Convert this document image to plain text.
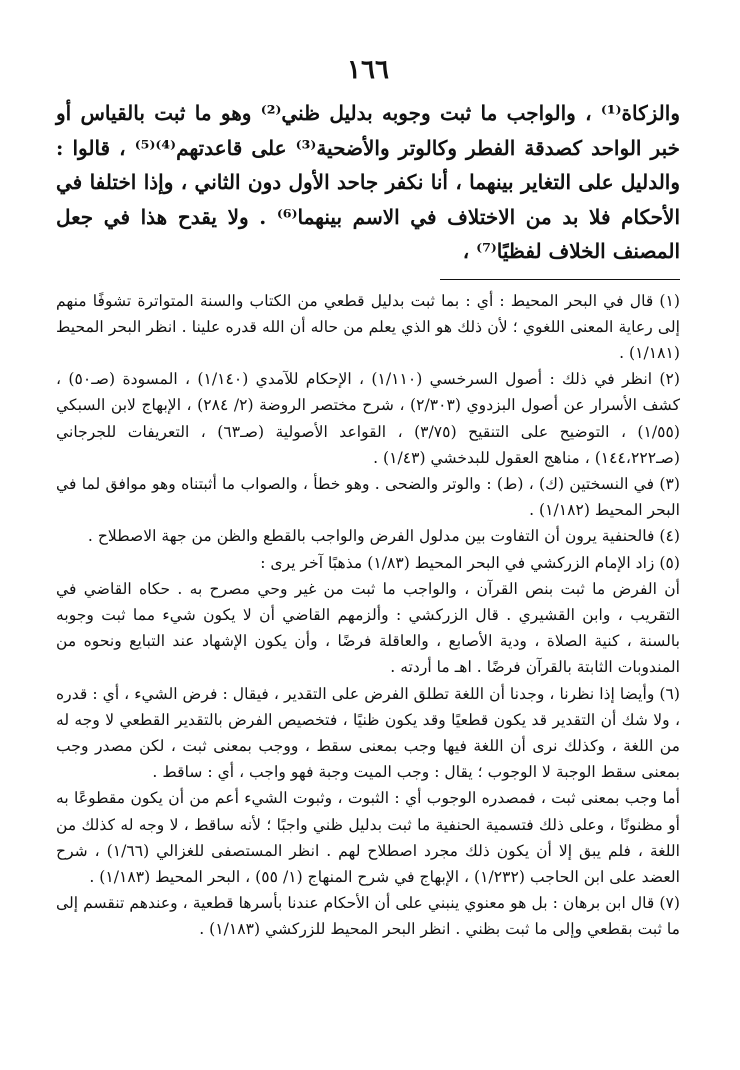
١٦٦

والزكاة⁽¹⁾ ، والواجب ما ثبت وجوبه بدليل ظني⁽²⁾ وهو ما ثبت بالقياس أو خبر الواحد كصدقة الفطر وكالوتر والأضحية⁽³⁾ على قاعدتهم⁽⁴⁾⁽⁵⁾ ، قالوا : والدليل على التغاير بينهما ، أنا نكفر جاحد الأول دون الثاني ، وإذا اختلفا في الأحكام فلا بد من الاختلاف في الاسم بينهما⁽⁶⁾ . ولا يقدح هذا في جعل المصنف الخلاف لفظيًا⁽⁷⁾ ،

(١) قال في البحر المحيط : أي : بما ثبت بدليل قطعي من الكتاب والسنة المتواترة تشوفًا منهم إلى رعاية المعنى اللغوي ؛ لأن ذلك هو الذي يعلم من حاله أن الله قدره علينا . انظر البحر المحيط (١/١٨١) .

(٢) انظر في ذلك : أصول السرخسي (١/١١٠) ، الإحكام للآمدي (١/١٤٠) ، المسودة (صـ٥٠) ، كشف الأسرار عن أصول البزدوي (٢/٣٠٣) ، شرح مختصر الروضة (٢/ ٢٨٤) ، الإبهاج لابن السبكي (١/٥٥) ، التوضيح على التنقيح (٣/٧٥) ، القواعد الأصولية (صـ٦٣) ، التعريفات للجرجاني (صـ١٤٤،٢٢٢) ، مناهج العقول للبدخشي (١/٤٣) .

(٣) في النسختين (ك) ، (ط) : والوتر والضحى . وهو خطأ ، والصواب ما أثبتناه وهو موافق لما في البحر المحيط (١/١٨٢) .

(٤) فالحنفية يرون أن التفاوت بين مدلول الفرض والواجب بالقطع والظن من جهة الاصطلاح .

(٥) زاد الإمام الزركشي في البحر المحيط (١/٨٣) مذهبًا آخر يرى :

أن الفرض ما ثبت بنص القرآن ، والواجب ما ثبت من غير وحي مصرح به . حكاه القاضي في التقريب ، وابن القشيري . قال الزركشي : وألزمهم القاضي أن لا يكون شيء مما ثبت وجوبه بالسنة ، كنية الصلاة ، ودية الأصابع ، والعاقلة فرضًا ، وأن يكون الإشهاد عند التبايع ونحوه من المندوبات الثابتة بالقرآن فرضًا . اهـ ما أردته .

(٦) وأيضا إذا نظرنا ، وجدنا أن اللغة تطلق الفرض على التقدير ، فيقال : فرض الشيء ، أي : قدره ، ولا شك أن التقدير قد يكون قطعيًا وقد يكون ظنيًا ، فتخصيص الفرض بالتقدير القطعي لا وجه له من اللغة ، وكذلك نرى أن اللغة فيها وجب بمعنى سقط ، ووجب بمعنى ثبت ، لكن مصدر وجب بمعنى سقط الوجبة لا الوجوب ؛ يقال : وجب الميت وجبة فهو واجب ، أي : ساقط .

أما وجب بمعنى ثبت ، فمصدره الوجوب أي : الثبوت ، وثبوت الشيء أعم من أن يكون مقطوعًا به أو مظنونًا ، وعلى ذلك فتسمية الحنفية ما ثبت بدليل ظني واجبًا ؛ لأنه ساقط ، لا وجه له كذلك من اللغة ، فلم يبق إلا أن يكون ذلك مجرد اصطلاح لهم . انظر المستصفى للغزالي (١/٦٦) ، شرح العضد على ابن الحاجب (١/٢٣٢) ، الإبهاج في شرح المنهاج (١/ ٥٥) ، البحر المحيط (١/١٨٣) .

(٧) قال ابن برهان : بل هو معنوي ينبني على أن الأحكام عندنا بأسرها قطعية ، وعندهم تنقسم إلى ما ثبت بقطعي وإلى ما ثبت بظني . انظر البحر المحيط للزركشي (١/١٨٣) .
